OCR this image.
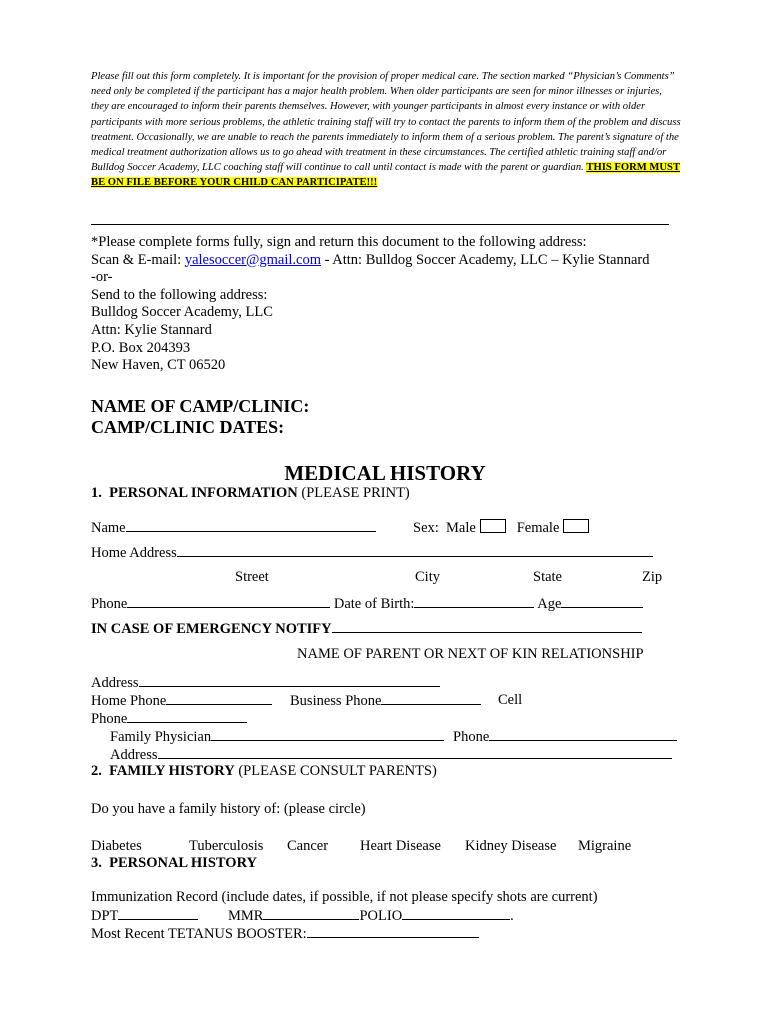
Please fill out this form completely. It is important for the provision of proper medical care. The section marked “Physician’s Comments” need only be completed if the participant has a major health problem. When older participants are seen for minor illnesses or injuries, they are encouraged to inform their parents themselves. However, with younger participants in almost every instance or with older participants with more serious problems, the athletic training staff will try to contact the parents to inform them of the problem and discuss treatment. Occasionally, we are unable to reach the parents immediately to inform them of a serious problem. The parent’s signature of the medical treatment authorization allows us to go ahead with treatment in these circumstances. The certified athletic training staff and/or Bulldog Soccer Academy, LLC coaching staff will continue to call until contact is made with the parent or guardian. THIS FORM MUST BE ON FILE BEFORE YOUR CHILD CAN PARTICIPATE!!!
*Please complete forms fully, sign and return this document to the following address:
Scan & E-mail: yalesoccer@gmail.com - Attn: Bulldog Soccer Academy, LLC – Kylie Stannard
-or-
Send to the following address:
Bulldog Soccer Academy, LLC
Attn: Kylie Stannard
P.O. Box 204393
New Haven, CT 06520
NAME OF CAMP/CLINIC:
CAMP/CLINIC DATES:
MEDICAL HISTORY
1. PERSONAL INFORMATION (PLEASE PRINT)
Name	Sex: Male	Female
Home Address
Street	City	State	Zip
Phone	Date of Birth:	Age
IN CASE OF EMERGENCY NOTIFY
NAME OF PARENT OR NEXT OF KIN RELATIONSHIP
Address
Home Phone	Business Phone	Cell
Phone
Family Physician	Phone
Address
2. FAMILY HISTORY (PLEASE CONSULT PARENTS)
Do you have a family history of: (please circle)
Diabetes	Tuberculosis Cancer Heart Disease Kidney Disease Migraine
3. PERSONAL HISTORY
Immunization Record (include dates, if possible, if not please specify shots are current)
DPT	MMR	POLIO	.
Most Recent TETANUS BOOSTER:
